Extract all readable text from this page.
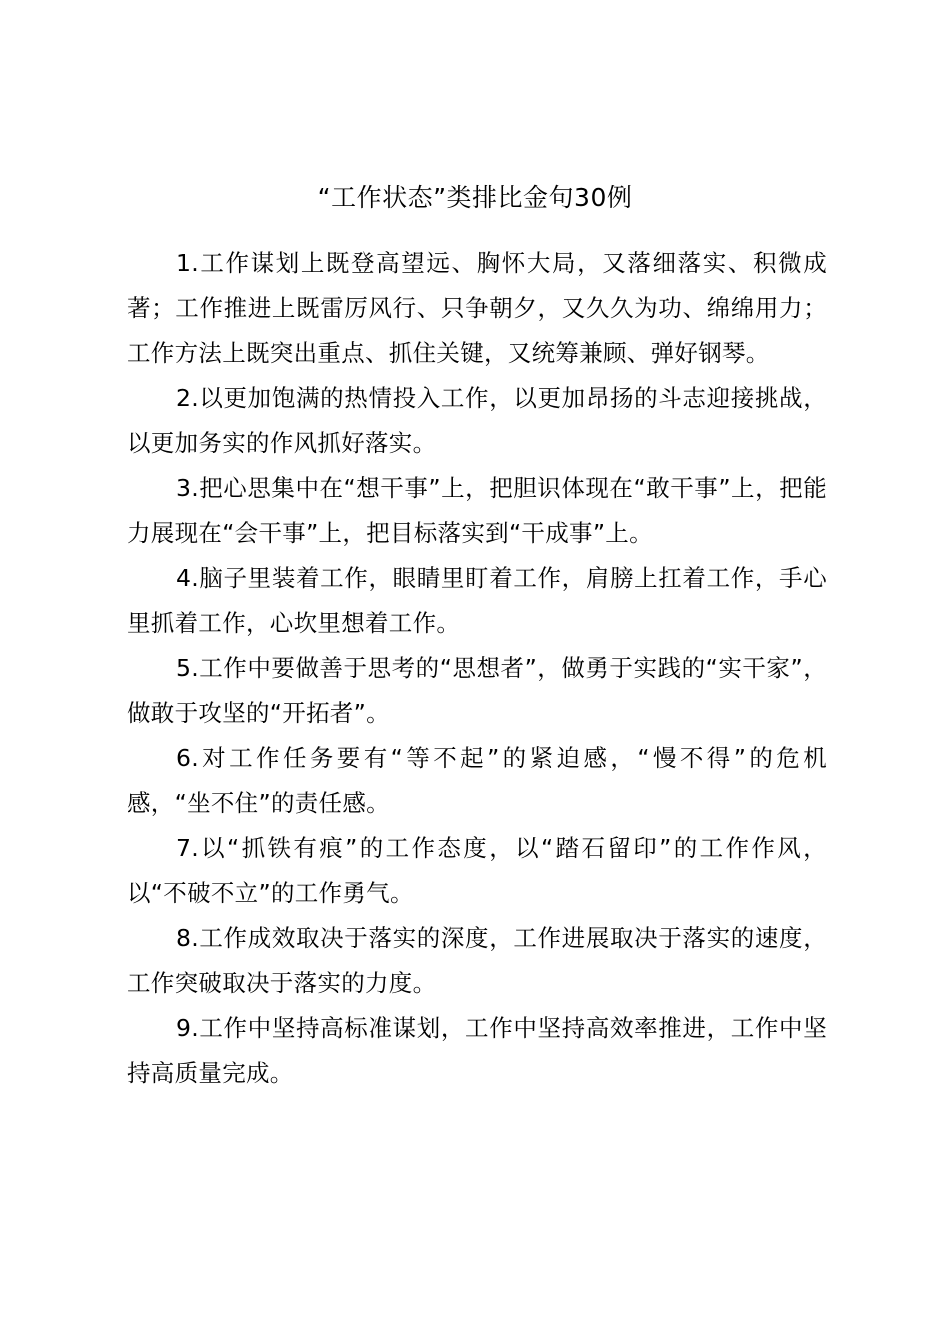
“工作状态”类排比金句30例

1.工作谋划上既登高望远、胸怀大局，又落细落实、积微成著；工作推进上既雷厉风行、只争朝夕，又久久为功、绵绵用力；工作方法上既突出重点、抓住关键，又统筹兼顾、弹好钢琴。

2.以更加饱满的热情投入工作，以更加昂扬的斗志迎接挑战，以更加务实的作风抓好落实。

3.把心思集中在“想干事”上，把胆识体现在“敢干事”上，把能力展现在“会干事”上，把目标落实到“干成事”上。

4.脑子里装着工作，眼睛里盯着工作，肩膀上扛着工作，手心里抓着工作，心坎里想着工作。

5.工作中要做善于思考的“思想者”，做勇于实践的“实干家”，做敢于攻坚的“开拓者”。

6.对工作任务要有“等不起”的紧迫感，“慢不得”的危机感，“坐不住”的责任感。

7.以“抓铁有痕”的工作态度，以“踏石留印”的工作作风，以“不破不立”的工作勇气。

8.工作成效取决于落实的深度，工作进展取决于落实的速度，工作突破取决于落实的力度。

9.工作中坚持高标准谋划，工作中坚持高效率推进，工作中坚持高质量完成。
